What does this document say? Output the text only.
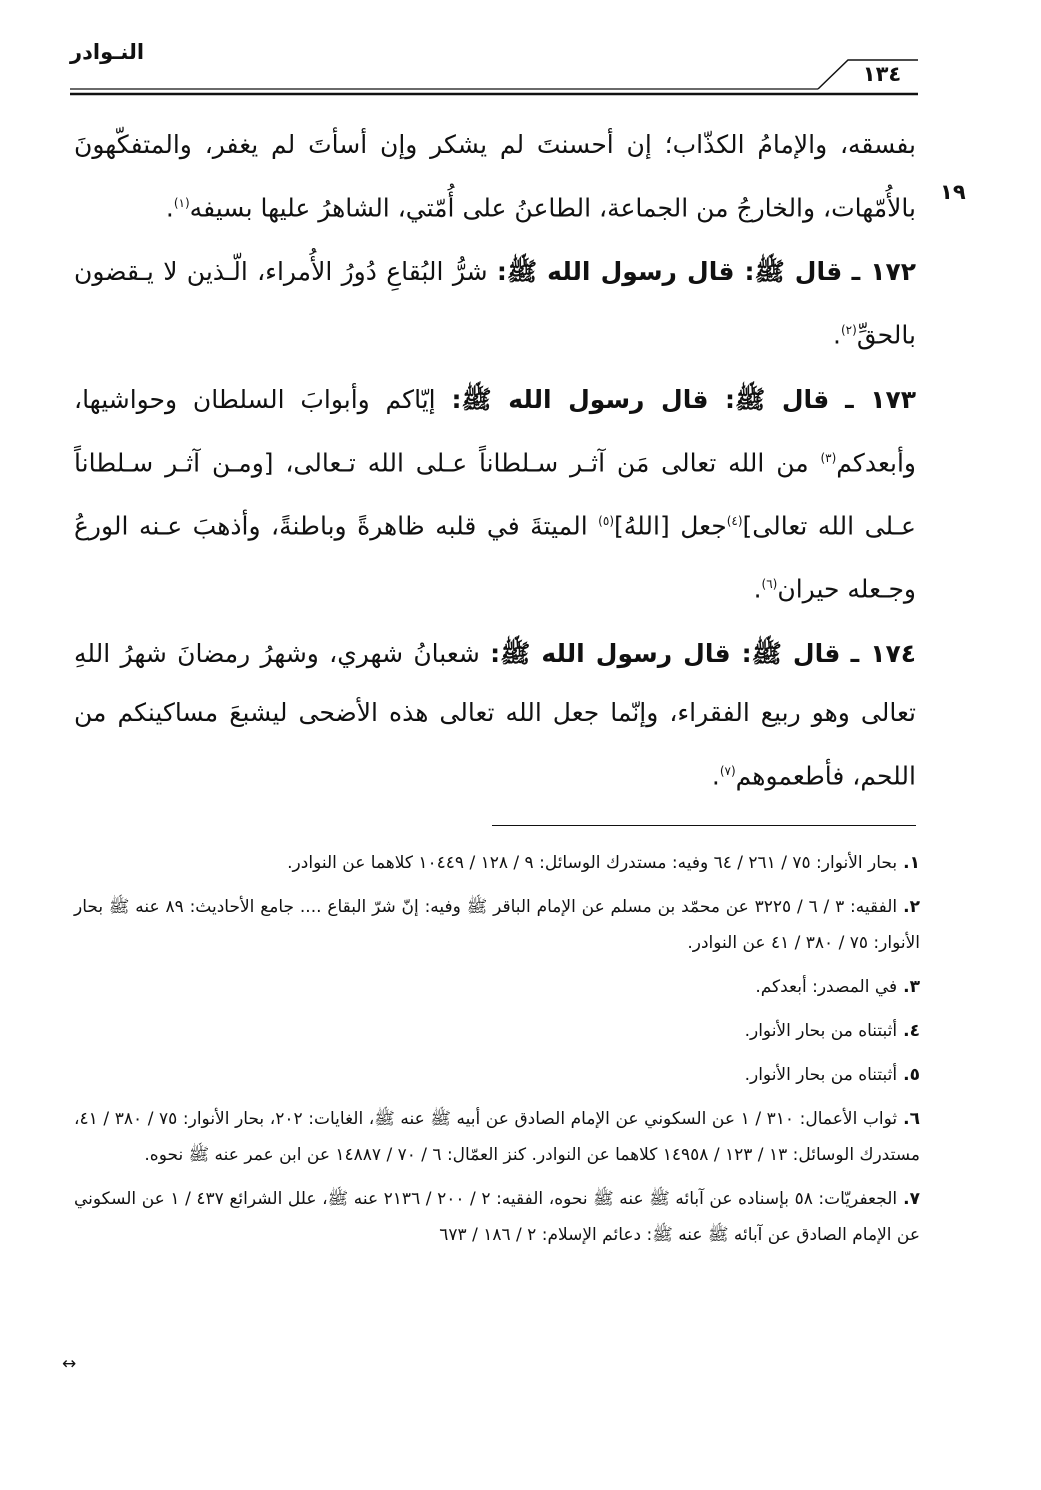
النـوادر
١٣٤
١٩

بفسقه، والإمامُ الكذّاب؛ إن أحسنتَ لم يشكر وإن أسأتَ لم يغفر، والمتفكّهونَ بالأُمّهات، والخارجُ من الجماعة، الطاعنُ على أُمّتي، الشاهرُ عليها بسيفه$^{(١)}$.

١٧٢ ـ قال ﷺ: قال رسول الله ﷺ: شرُّ البُقاعِ دُورُ الأُمراء، الّـذين لا يـقضون بالحقِّ$^{(٢)}$.

١٧٣ ـ قال ﷺ: قال رسول الله ﷺ: إيّاكم وأبوابَ السلطان وحواشيها، وأبعدكم$^{(٣)}$ من الله تعالى مَن آثـر سـلطاناً عـلى الله تـعالى، [ومـن آثـر سـلطاناً عـلى الله تعالى]$^{(٤)}$جعل [اللهُ]$^{(٥)}$ الميتةَ في قلبه ظاهرةً وباطنةً، وأذهبَ عـنه الورعُ وجـعله حيران$^{(٦)}$.

١٧٤ ـ قال ﷺ: قال رسول الله ﷺ: شعبانُ شهري، وشهرُ رمضانَ شهرُ اللهِ تعالى وهو ربيع الفقراء، وإنّما جعل الله تعالى هذه الأضحى ليشبعَ مساكينكم من اللحم، فأطعموهم$^{(٧)}$.

١.بحار الأنوار: ٧٥ / ٢٦١ / ٦٤ وفيه: مستدرك الوسائل: ٩ / ١٢٨ / ١٠٤٤٩ كلاهما عن النوادر.
٢.الفقيه: ٣ / ٦ / ٣٢٢٥ عن محمّد بن مسلم عن الإمام الباقر ﷺ وفيه: إنّ شرّ البقاع .... جامع الأحاديث: ٨٩ عنه ﷺ بحار الأنوار: ٧٥ / ٣٨٠ / ٤١ عن النوادر.
٣.في المصدر: أبعدكم.
٤.أثبتناه من بحار الأنوار.
٥.أثبتناه من بحار الأنوار.
٦.ثواب الأعمال: ٣١٠ / ١ عن السكوني عن الإمام الصادق عن أبيه ﷺ عنه ﷺ، الغايات: ٢٠٢، بحار الأنوار: ٧٥ / ٣٨٠ / ٤١، مستدرك الوسائل: ١٣ / ١٢٣ / ١٤٩٥٨ كلاهما عن النوادر. كنز العمّال: ٦ / ٧٠ / ١٤٨٨٧ عن ابن عمر عنه ﷺ نحوه.
٧.الجعفريّات: ٥٨ بإسناده عن آبائه ﷺ عنه ﷺ نحوه، الفقيه: ٢ / ٢٠٠ / ٢١٣٦ عنه ﷺ، علل الشرائع ٤٣٧ / ١ عن السكوني عن الإمام الصادق عن آبائه ﷺ عنه ﷺ: دعائم الإسلام: ٢ / ١٨٦ / ٦٧٣
↔
